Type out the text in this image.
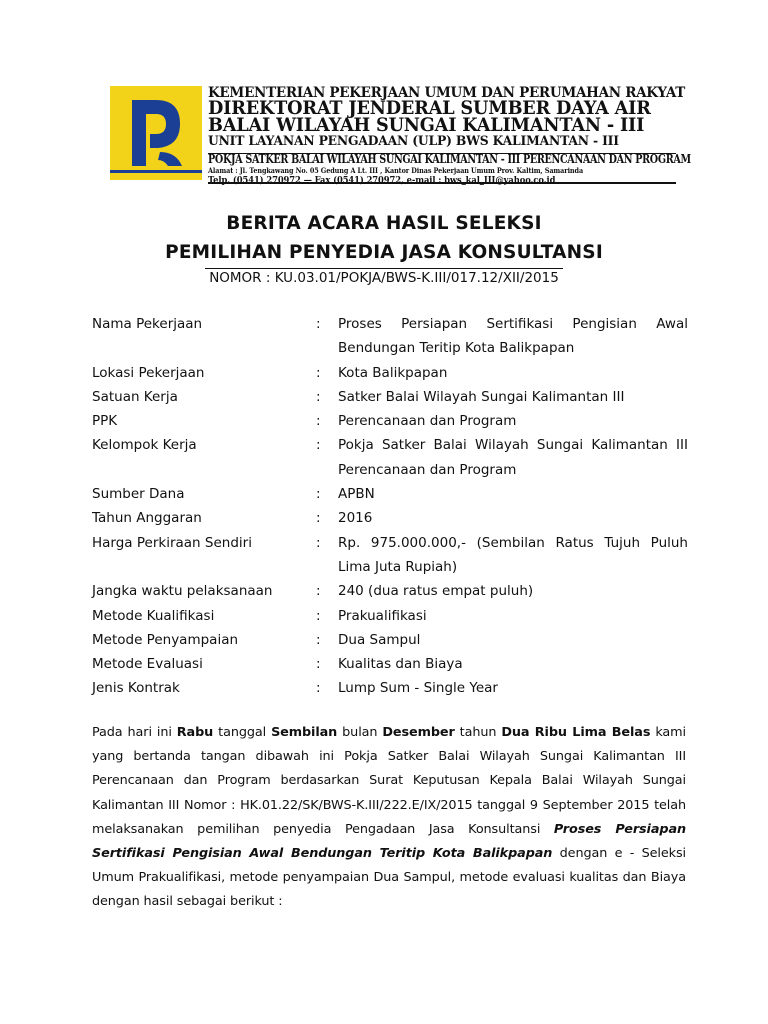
KEMENTERIAN PEKERJAAN UMUM DAN PERUMAHAN RAKYAT
DIREKTORAT JENDERAL SUMBER DAYA AIR
BALAI WILAYAH SUNGAI KALIMANTAN - III
UNIT LAYANAN PENGADAAN (ULP) BWS KALIMANTAN - III
POKJA SATKER BALAI WILAYAH SUNGAI KALIMANTAN - III PERENCANAAN DAN PROGRAM
Alamat : Jl. Tengkawang No. 05 Gedung A Lt. III , Kantor Dinas Pekerjaan Umum Prov. Kaltim, Samarinda
Telp. (0541) 270972 — Fax (0541) 270972, e-mail : bws_kal_III@yahoo.co.id
BERITA ACARA HASIL SELEKSI
PEMILIHAN PENYEDIA JASA KONSULTANSI
NOMOR : KU.03.01/POKJA/BWS-K.III/017.12/XII/2015
Nama Pekerjaan	: Proses Persiapan Sertifikasi Pengisian Awal Bendungan Teritip Kota Balikpapan
Lokasi Pekerjaan	: Kota Balikpapan
Satuan Kerja	: Satker Balai Wilayah Sungai Kalimantan III
PPK	: Perencanaan dan Program
Kelompok Kerja	: Pokja Satker Balai Wilayah Sungai Kalimantan III Perencanaan dan Program
Sumber Dana	: APBN
Tahun Anggaran	: 2016
Harga Perkiraan Sendiri	: Rp. 975.000.000,- (Sembilan Ratus Tujuh Puluh Lima Juta Rupiah)
Jangka waktu pelaksanaan	: 240 (dua ratus empat puluh)
Metode Kualifikasi	: Prakualifikasi
Metode Penyampaian	: Dua Sampul
Metode Evaluasi	: Kualitas dan Biaya
Jenis Kontrak	: Lump Sum - Single Year
Pada hari ini Rabu tanggal Sembilan bulan Desember tahun Dua Ribu Lima Belas kami yang bertanda tangan dibawah ini Pokja Satker Balai Wilayah Sungai Kalimantan III Perencanaan dan Program berdasarkan Surat Keputusan Kepala Balai Wilayah Sungai Kalimantan III Nomor : HK.01.22/SK/BWS-K.III/222.E/IX/2015 tanggal 9 September 2015 telah melaksanakan pemilihan penyedia Pengadaan Jasa Konsultansi Proses Persiapan Sertifikasi Pengisian Awal Bendungan Teritip Kota Balikpapan dengan e - Seleksi Umum Prakualifikasi, metode penyampaian Dua Sampul, metode evaluasi kualitas dan Biaya dengan hasil sebagai berikut :
